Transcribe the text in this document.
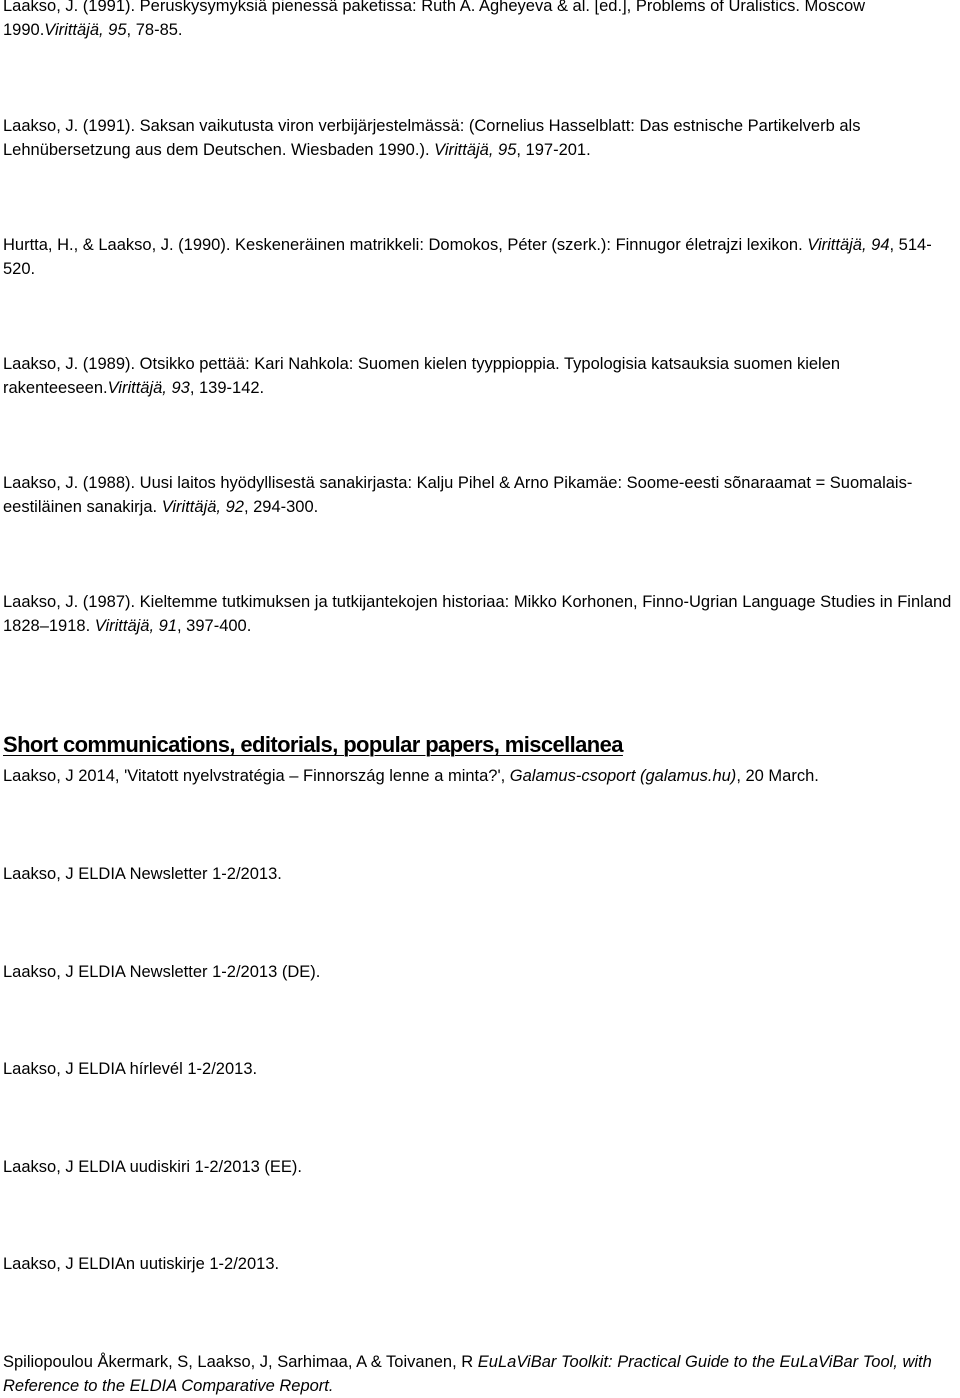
Laakso, J. (1991). Peruskysymyksiä pienessä paketissa: Ruth A. Agheyeva & al. [ed.], Problems of Uralistics. Moscow 1990.Virittäjä, 95, 78-85.

Laakso, J. (1991). Saksan vaikutusta viron verbijärjestelmässä: (Cornelius Hasselblatt: Das estnische Partikelverb als Lehnübersetzung aus dem Deutschen. Wiesbaden 1990.). Virittäjä, 95, 197-201.

Hurtta, H., & Laakso, J. (1990). Keskeneräinen matrikkeli: Domokos, Péter (szerk.): Finnugor életrajzi lexikon. Virittäjä, 94, 514-520.

Laakso, J. (1989). Otsikko pettää: Kari Nahkola: Suomen kielen tyyppioppia. Typologisia katsauksia suomen kielen rakenteeseen.Virittäjä, 93, 139-142.

Laakso, J. (1988). Uusi laitos hyödyllisestä sanakirjasta: Kalju Pihel & Arno Pikamäe: Soome-eesti sõnaraamat = Suomalais-eestiläinen sanakirja. Virittäjä, 92, 294-300.

Laakso, J. (1987). Kieltemme tutkimuksen ja tutkijantekojen historiaa: Mikko Korhonen, Finno-Ugrian Language Studies in Finland 1828–1918. Virittäjä, 91, 397-400.

Short communications, editorials, popular papers, miscellanea

Laakso, J 2014, 'Vitatott nyelvstratégia – Finnország lenne a minta?', Galamus-csoport (galamus.hu), 20 March.

Laakso, J ELDIA Newsletter 1-2/2013.

Laakso, J ELDIA Newsletter 1-2/2013 (DE).

Laakso, J ELDIA hírlevél 1-2/2013.

Laakso, J ELDIA uudiskiri 1-2/2013 (EE).

Laakso, J ELDIAn uutiskirje 1-2/2013.

Spiliopoulou Åkermark, S, Laakso, J, Sarhimaa, A & Toivanen, R EuLaViBar Toolkit: Practical Guide to the EuLaViBar Tool, with Reference to the ELDIA Comparative Report.
